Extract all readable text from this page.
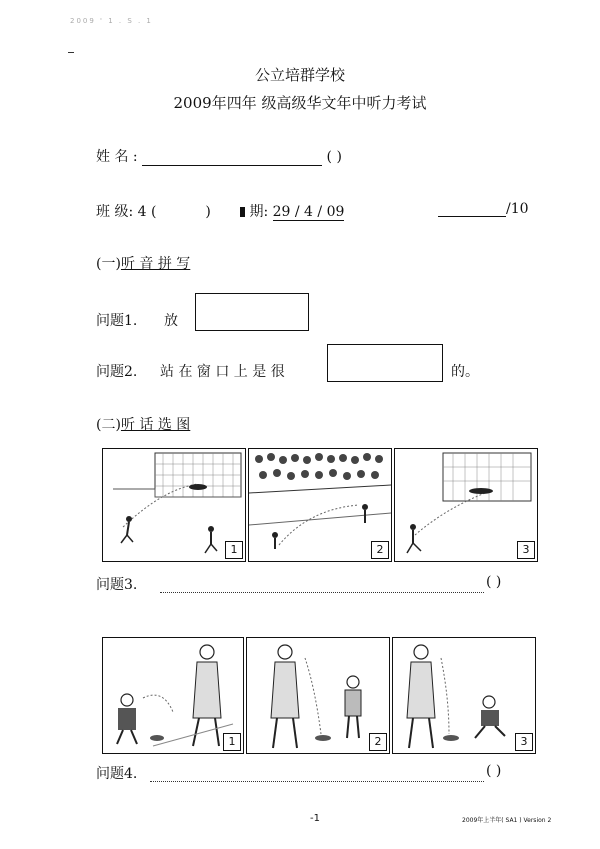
2009 ' 1 . S . 1
公立培群学校
2009年四年 级高级华文年中听力考试
姓 名 :	( )
班 级: 4 (	)	期: 29 / 4 / 09	/10
(一)听 音 拼 写
问题1. 放
问题2. 站 在 窗 口 上 是 很	的。
(二)听 话 选 图
1	2	3
问题3.	( )
1	2	3
问题4.	( )
-1	2009年上半年( SA1 ) Version 2
